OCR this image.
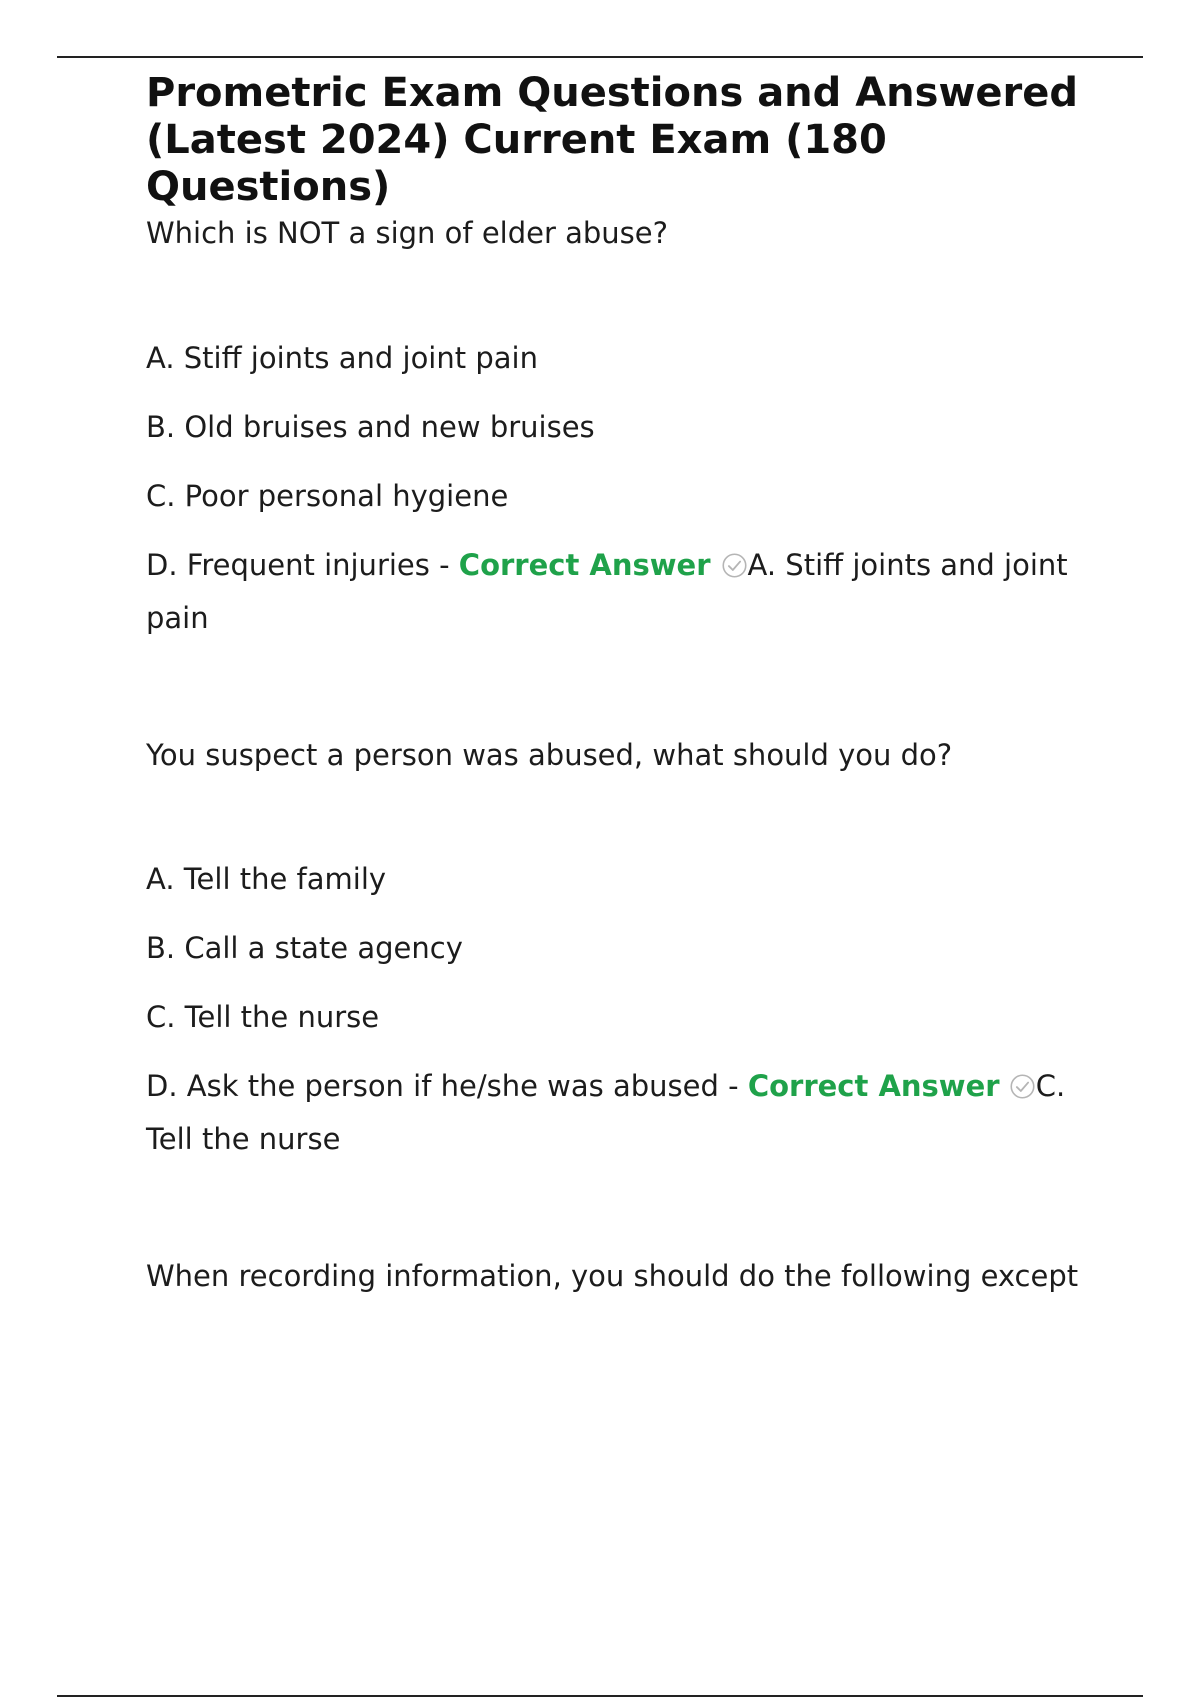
Prometric Exam Questions and Answered (Latest 2024) Current Exam (180 Questions)

Which is NOT a sign of elder abuse?

A. Stiff joints and joint pain

B. Old bruises and new bruises

C. Poor personal hygiene

D. Frequent injuries - Correct Answer A. Stiff joints and joint pain

You suspect a person was abused, what should you do?

A. Tell the family

B. Call a state agency

C. Tell the nurse

D. Ask the person if he/she was abused - Correct Answer C. Tell the nurse

When recording information, you should do the following except
